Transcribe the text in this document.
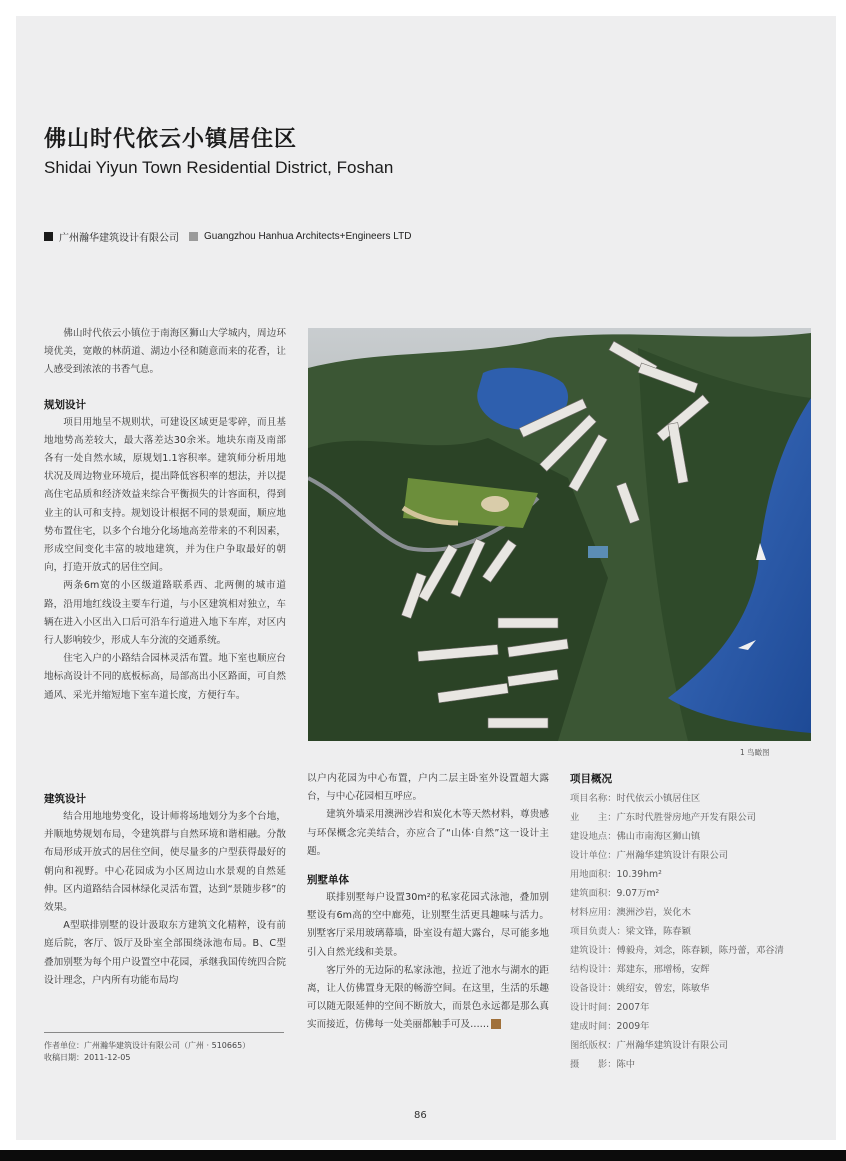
佛山时代依云小镇居住区
Shidai Yiyun Town Residential District, Foshan
广州瀚华建筑设计有限公司	Guangzhou Hanhua Architects+Engineers LTD

佛山时代依云小镇位于南海区狮山大学城内，周边环境优美，宽敞的林荫道、湖边小径和随意而来的花香，让人感受到浓浓的书香气息。

规划设计

项目用地呈不规则状，可建设区域更是零碎，而且基地地势高差较大，最大落差达30余米。地块东南及南部各有一处自然水域，原规划1.1容积率。建筑师分析用地状况及周边物业环境后，提出降低容积率的想法，并以提高住宅品质和经济效益来综合平衡损失的计容面积，得到业主的认可和支持。规划设计根据不同的景观面，顺应地势布置住宅，以多个台地分化场地高差带来的不利因素，形成空间变化丰富的坡地建筑，并为住户争取最好的朝向，打造开放式的居住空间。

两条6m宽的小区级道路联系西、北两侧的城市道路，沿用地红线设主要车行道，与小区建筑相对独立，车辆在进入小区出入口后可沿车行道进入地下车库，对区内行人影响较少，形成人车分流的交通系统。

住宅入户的小路结合园林灵活布置。地下室也顺应台地标高设计不同的底板标高，局部高出小区路面，可自然通风、采光并缩短地下室车道长度，方便行车。

建筑设计

结合用地地势变化，设计师将场地划分为多个台地，并顺地势规划布局，令建筑群与自然环境和谐相融。分散布局形成开放式的居住空间，使尽量多的户型获得最好的朝向和视野。中心花园成为小区周边山水景观的自然延伸。区内道路结合园林绿化灵活布置，达到“景随步移”的效果。

A型联排别墅的设计汲取东方建筑文化精粹，设有前庭后院，客厅、饭厅及卧室全部围绕泳池布局。B、C型叠加别墅为每个用户设置空中花园，承继我国传统四合院设计理念，户内所有功能布局均

以户内花园为中心布置，户内二层主卧室外设置超大露台，与中心花园相互呼应。

建筑外墙采用澳洲沙岩和炭化木等天然材料，尊贵感与环保概念完美结合，亦应合了“山体·自然”这一设计主题。

别墅单体

联排别墅每户设置30m²的私家花园式泳池，叠加别墅设有6m高的空中廊苑，让别墅生活更具趣味与活力。别墅客厅采用玻璃幕墙，卧室设有超大露台，尽可能多地引入自然光线和美景。

客厅外的无边际的私家泳池，拉近了池水与湖水的距离，让人仿佛置身无限的畅游空间。在这里，生活的乐趣可以随无限延伸的空间不断放大，而景色永远都是那么真实而接近，仿佛每一处美丽都触手可及……

项目概况
项目名称：时代依云小镇居住区
业　　主：广东时代胜誉房地产开发有限公司
建设地点：佛山市南海区狮山镇
设计单位：广州瀚华建筑设计有限公司
用地面积：10.39hm²
建筑面积：9.07万m²
材料应用：澳洲沙岩，炭化木
项目负责人：梁文锋，陈春颖
建筑设计：傅毅舟，刘念，陈春颖，陈丹蕾，邓谷清
结构设计：郑建东，邢增杨，安辉
设备设计：姚绍安，曾宏，陈敏华
设计时间：2007年
建成时间：2009年
图纸版权：广州瀚华建筑设计有限公司
摄　　影：陈中
1 鸟瞰图
作者单位：广州瀚华建筑设计有限公司（广州 · 510665）
收稿日期：2011-12-05
86
